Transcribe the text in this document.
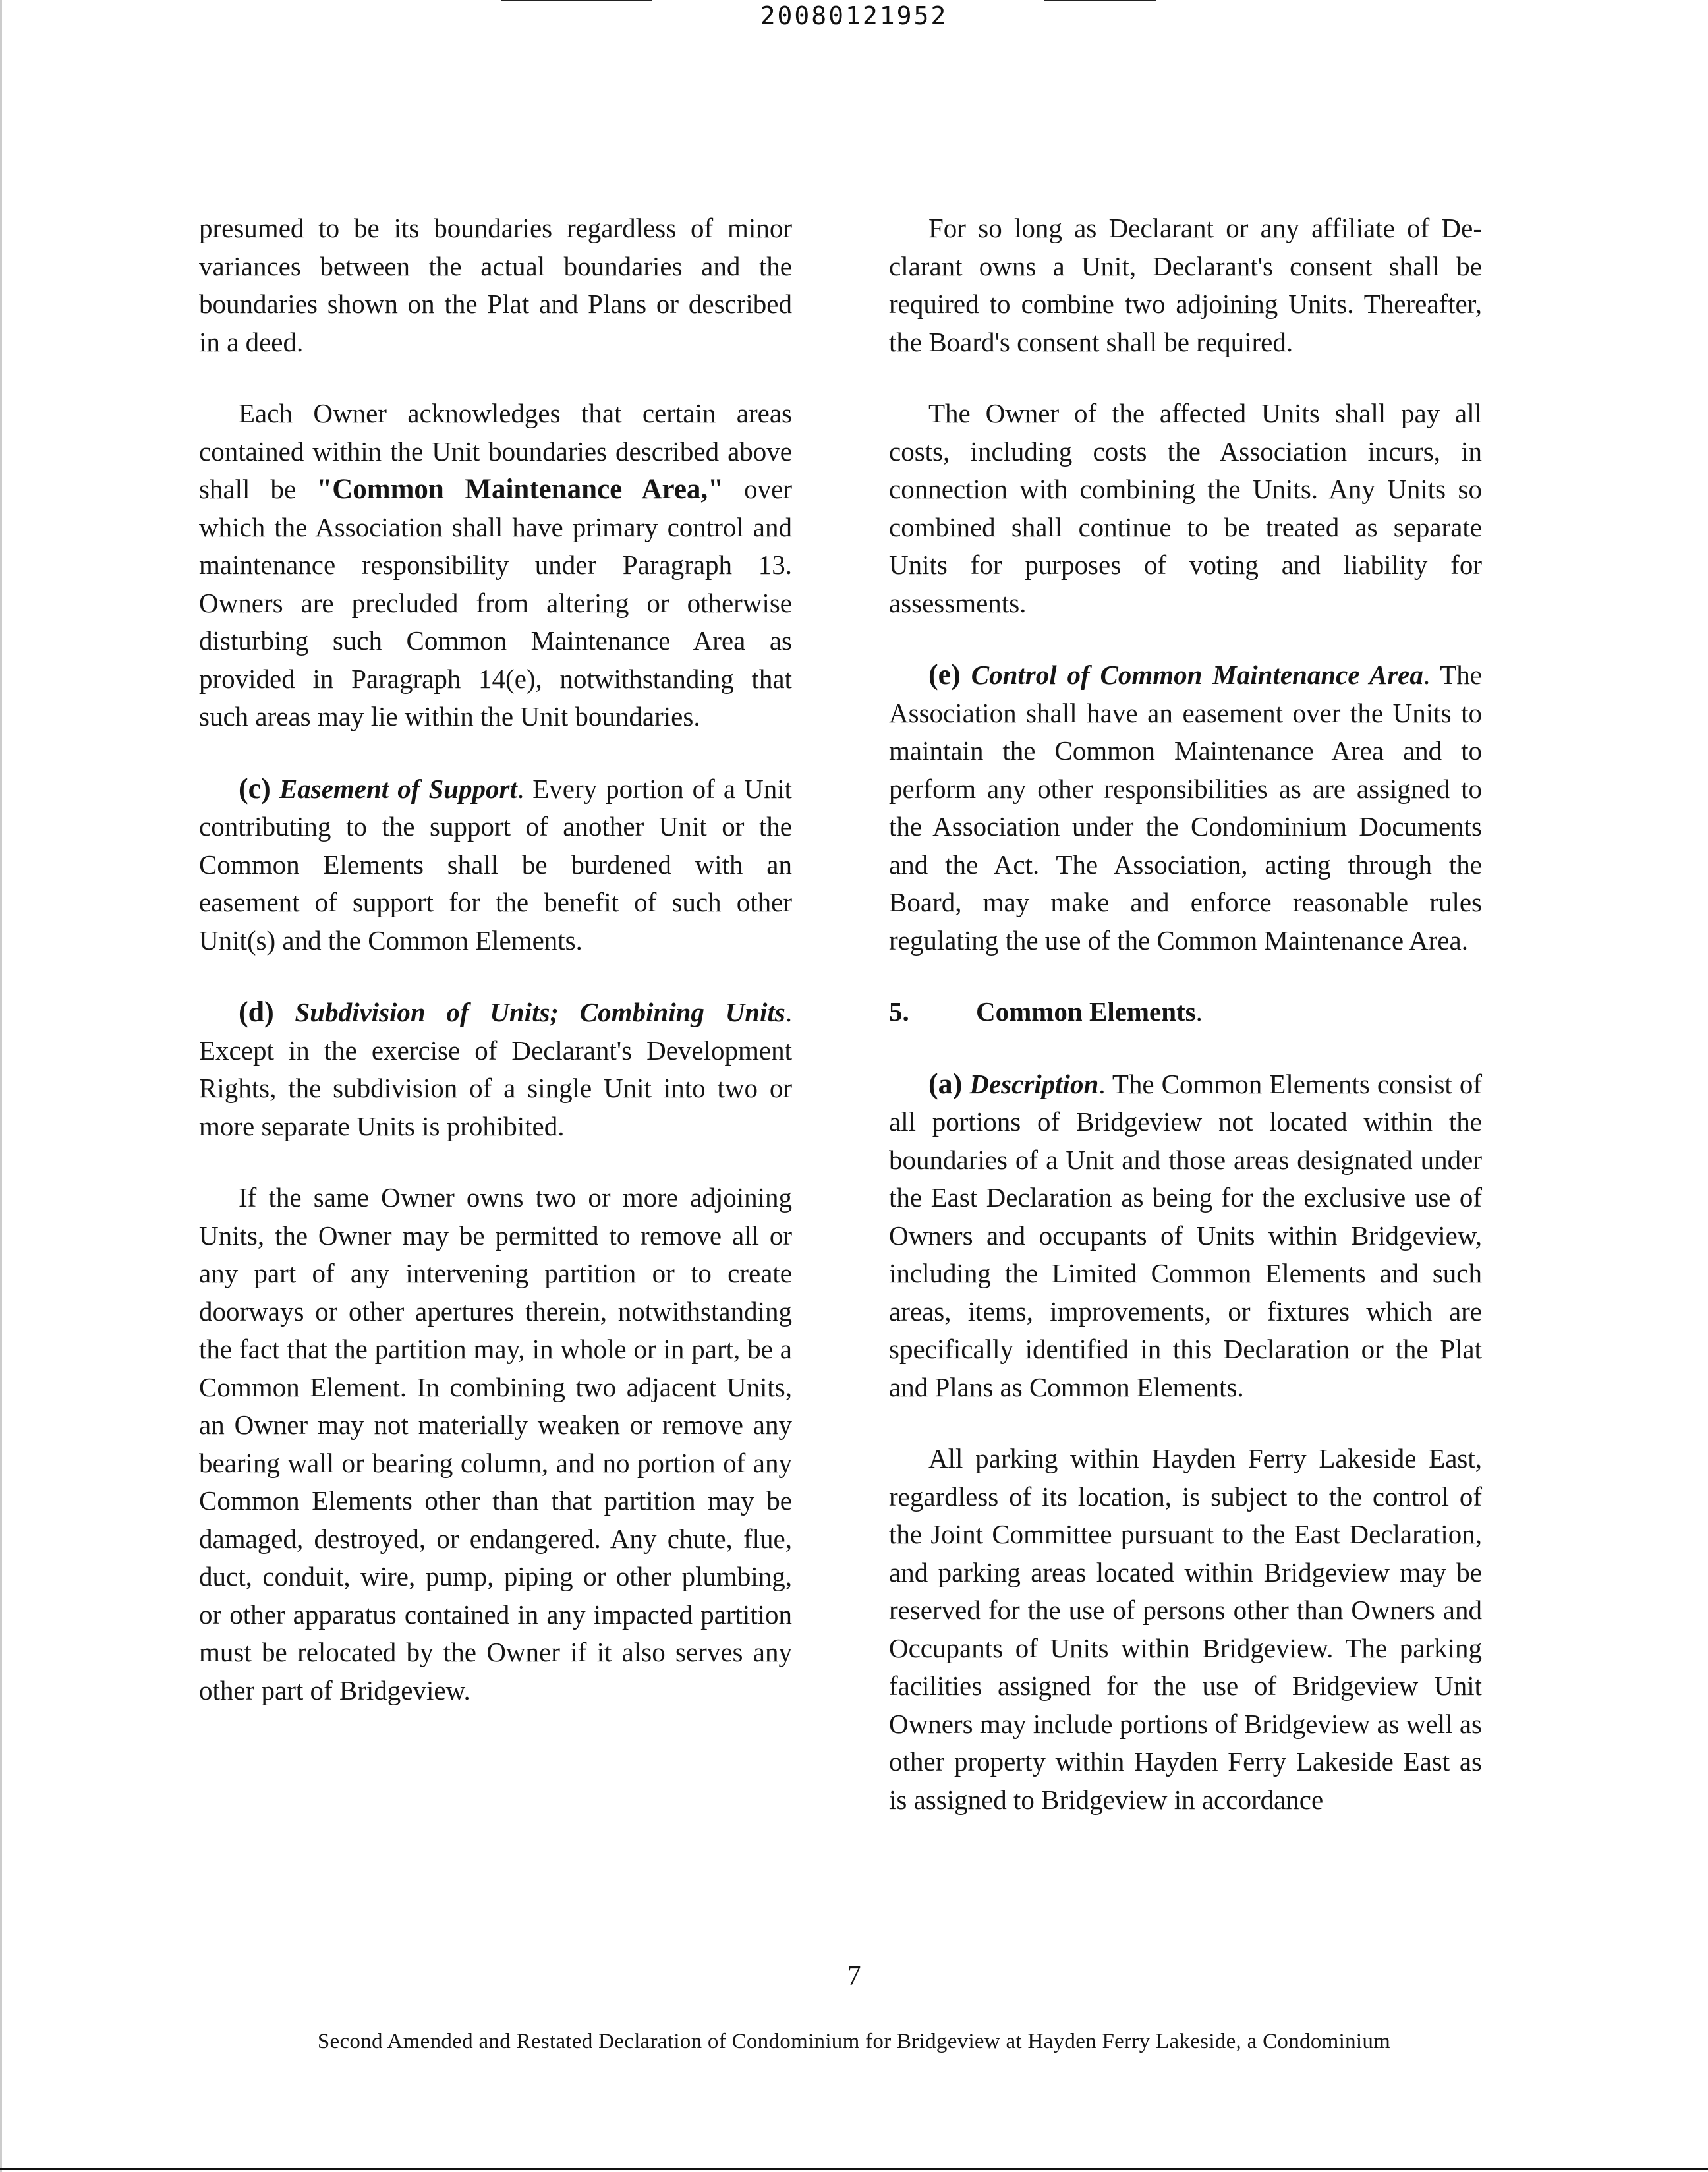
20080121952

presumed to be its boundaries regardless of minor variances between the actual boundaries and the boundaries shown on the Plat and Plans or described in a deed.

Each Owner acknowledges that certain areas contained within the Unit boundaries described above shall be "Common Maintenance Area," over which the Association shall have primary control and maintenance responsibility under Paragraph 13. Owners are precluded from altering or otherwise disturbing such Common Maintenance Area as provided in Paragraph 14(e), notwithstanding that such areas may lie within the Unit boundaries.

(c) Easement of Support. Every portion of a Unit contributing to the support of another Unit or the Common Elements shall be burdened with an easement of support for the benefit of such other Unit(s) and the Common Elements.

(d) Subdivision of Units; Combining Units. Except in the exercise of Declarant's Development Rights, the subdivision of a single Unit into two or more separate Units is prohibited.

If the same Owner owns two or more adjoining Units, the Owner may be permitted to remove all or any part of any intervening partition or to create doorways or other apertures therein, notwithstanding the fact that the partition may, in whole or in part, be a Common Element. In combining two adjacent Units, an Owner may not materially weaken or remove any bearing wall or bearing column, and no portion of any Common Elements other than that partition may be damaged, destroyed, or endangered. Any chute, flue, duct, conduit, wire, pump, piping or other plumbing, or other apparatus contained in any impacted partition must be relocated by the Owner if it also serves any other part of Bridgeview.

For so long as Declarant or any affiliate of Declarant owns a Unit, Declarant's consent shall be required to combine two adjoining Units. Thereafter, the Board's consent shall be required.

The Owner of the affected Units shall pay all costs, including costs the Association incurs, in connection with combining the Units. Any Units so combined shall continue to be treated as separate Units for purposes of voting and liability for assessments.

(e) Control of Common Maintenance Area. The Association shall have an easement over the Units to maintain the Common Maintenance Area and to perform any other responsibilities as are assigned to the Association under the Condominium Documents and the Act. The Association, acting through the Board, may make and enforce reasonable rules regulating the use of the Common Maintenance Area.

5. Common Elements.

(a) Description. The Common Elements consist of all portions of Bridgeview not located within the boundaries of a Unit and those areas designated under the East Declaration as being for the exclusive use of Owners and occupants of Units within Bridgeview, including the Limited Common Elements and such areas, items, improvements, or fixtures which are specifically identified in this Declaration or the Plat and Plans as Common Elements.

All parking within Hayden Ferry Lakeside East, regardless of its location, is subject to the control of the Joint Committee pursuant to the East Declaration, and parking areas located within Bridgeview may be reserved for the use of persons other than Owners and Occupants of Units within Bridgeview. The parking facilities assigned for the use of Bridgeview Unit Owners may include portions of Bridgeview as well as other property within Hayden Ferry Lakeside East as is assigned to Bridgeview in accordance

7
Second Amended and Restated Declaration of Condominium for Bridgeview at Hayden Ferry Lakeside, a Condominium
